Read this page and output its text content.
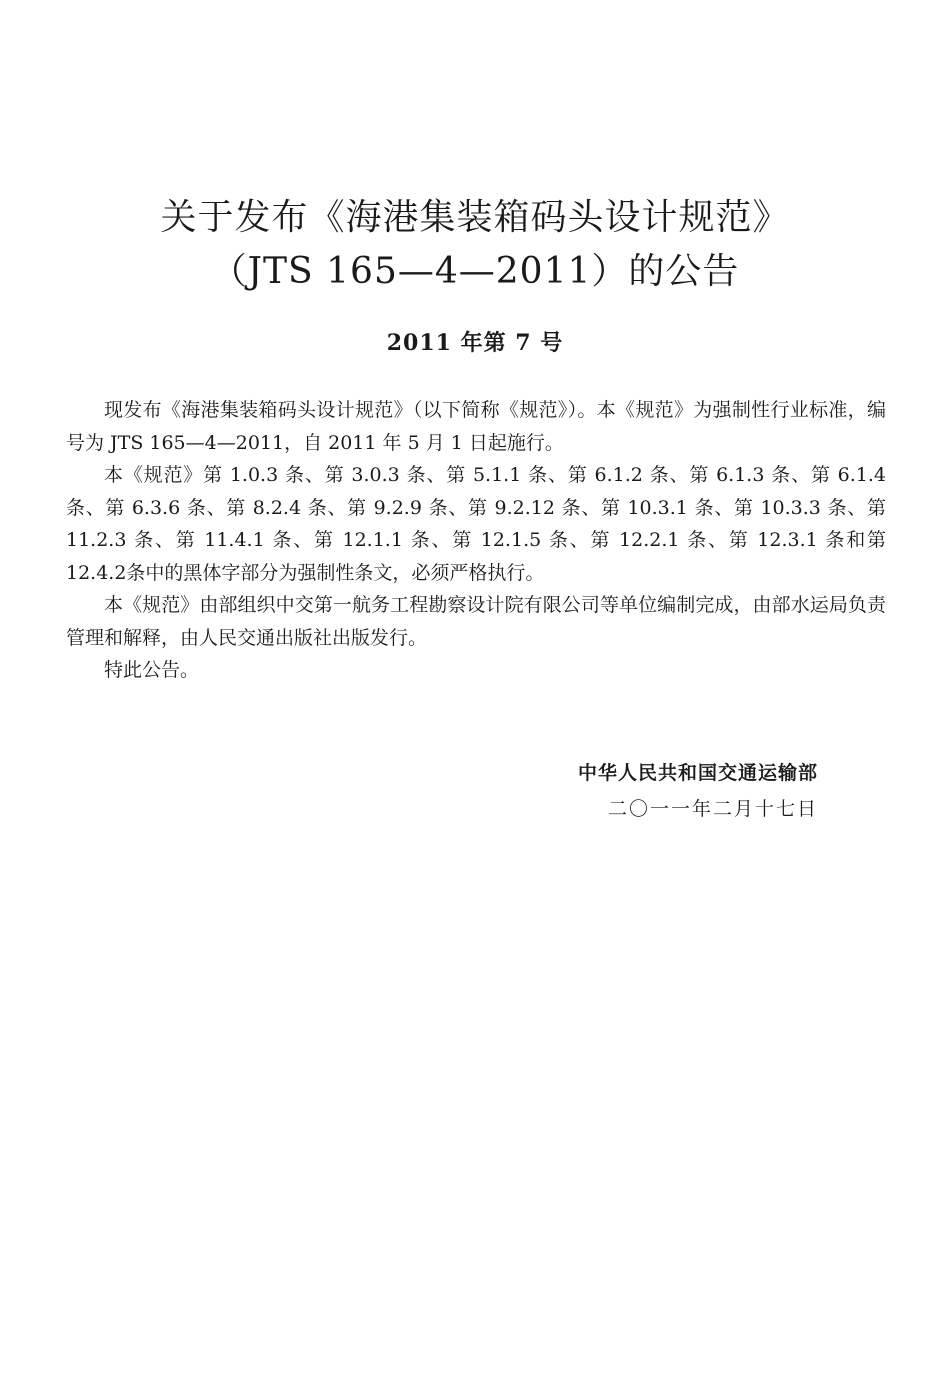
关于发布《海港集装箱码头设计规范》
（JTS 165—4—2011）的公告
2011 年第 7 号

现发布《海港集装箱码头设计规范》（以下简称《规范》）。本《规范》为强制性行业标准，编号为 JTS 165—4—2011，自 2011 年 5 月 1 日起施行。

本《规范》第 1.0.3 条、第 3.0.3 条、第 5.1.1 条、第 6.1.2 条、第 6.1.3 条、第 6.1.4 条、第 6.3.6 条、第 8.2.4 条、第 9.2.9 条、第 9.2.12 条、第 10.3.1 条、第 10.3.3 条、第 11.2.3 条、第 11.4.1 条、第 12.1.1 条、第 12.1.5 条、第 12.2.1 条、第 12.3.1 条和第 12.4.2条中的黑体字部分为强制性条文，必须严格执行。

本《规范》由部组织中交第一航务工程勘察设计院有限公司等单位编制完成，由部水运局负责管理和解释，由人民交通出版社出版发行。

特此公告。

中华人民共和国交通运输部
二〇一一年二月十七日
